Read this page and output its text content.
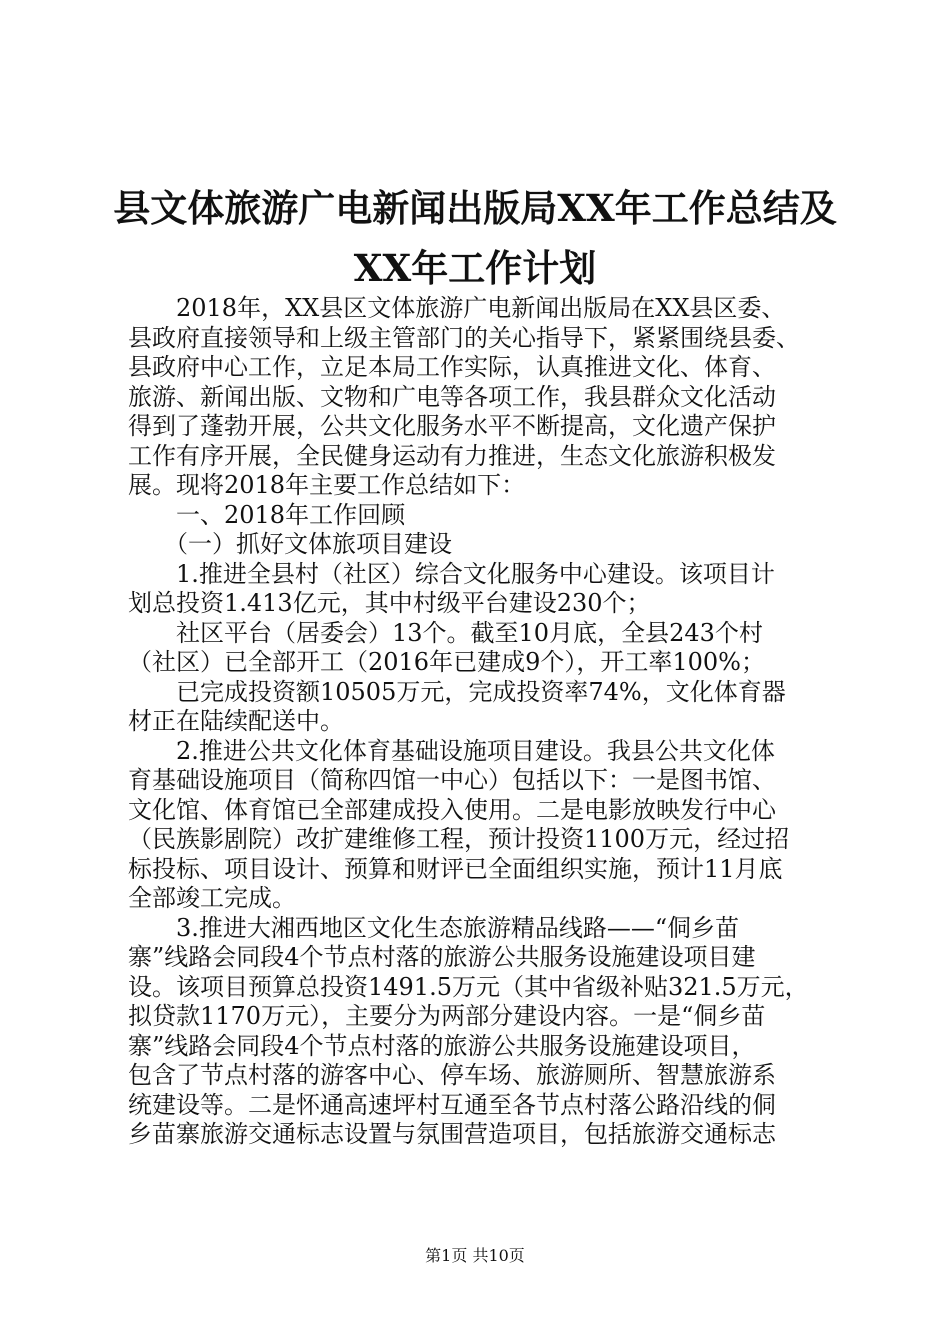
县文体旅游广电新闻出版局XX年工作总结及
XX年工作计划
　　2018年，XX县区文体旅游广电新闻出版局在XX县区委、
县政府直接领导和上级主管部门的关心指导下，紧紧围绕县委、
县政府中心工作，立足本局工作实际，认真推进文化、体育、
旅游、新闻出版、文物和广电等各项工作，我县群众文化活动
得到了蓬勃开展，公共文化服务水平不断提高，文化遗产保护
工作有序开展，全民健身运动有力推进，生态文化旅游积极发
展。现将2018年主要工作总结如下：
　　一、2018年工作回顾
　　（一）抓好文体旅项目建设
　　1.推进全县村（社区）综合文化服务中心建设。该项目计
划总投资1.413亿元，其中村级平台建设230个；
　　社区平台（居委会）13个。截至10月底，全县243个村
（社区）已全部开工（2016年已建成9个），开工率100%；
　　已完成投资额10505万元，完成投资率74%，文化体育器
材正在陆续配送中。
　　2.推进公共文化体育基础设施项目建设。我县公共文化体
育基础设施项目（简称四馆一中心）包括以下：一是图书馆、
文化馆、体育馆已全部建成投入使用。二是电影放映发行中心
（民族影剧院）改扩建维修工程，预计投资1100万元，经过招
标投标、项目设计、预算和财评已全面组织实施，预计11月底
全部竣工完成。
　　3.推进大湘西地区文化生态旅游精品线路——“侗乡苗
寨”线路会同段4个节点村落的旅游公共服务设施建设项目建
设。该项目预算总投资1491.5万元（其中省级补贴321.5万元，
拟贷款1170万元），主要分为两部分建设内容。一是“侗乡苗
寨”线路会同段4个节点村落的旅游公共服务设施建设项目，
包含了节点村落的游客中心、停车场、旅游厕所、智慧旅游系
统建设等。二是怀通高速坪村互通至各节点村落公路沿线的侗
乡苗寨旅游交通标志设置与氛围营造项目，包括旅游交通标志
第1页 共10页
